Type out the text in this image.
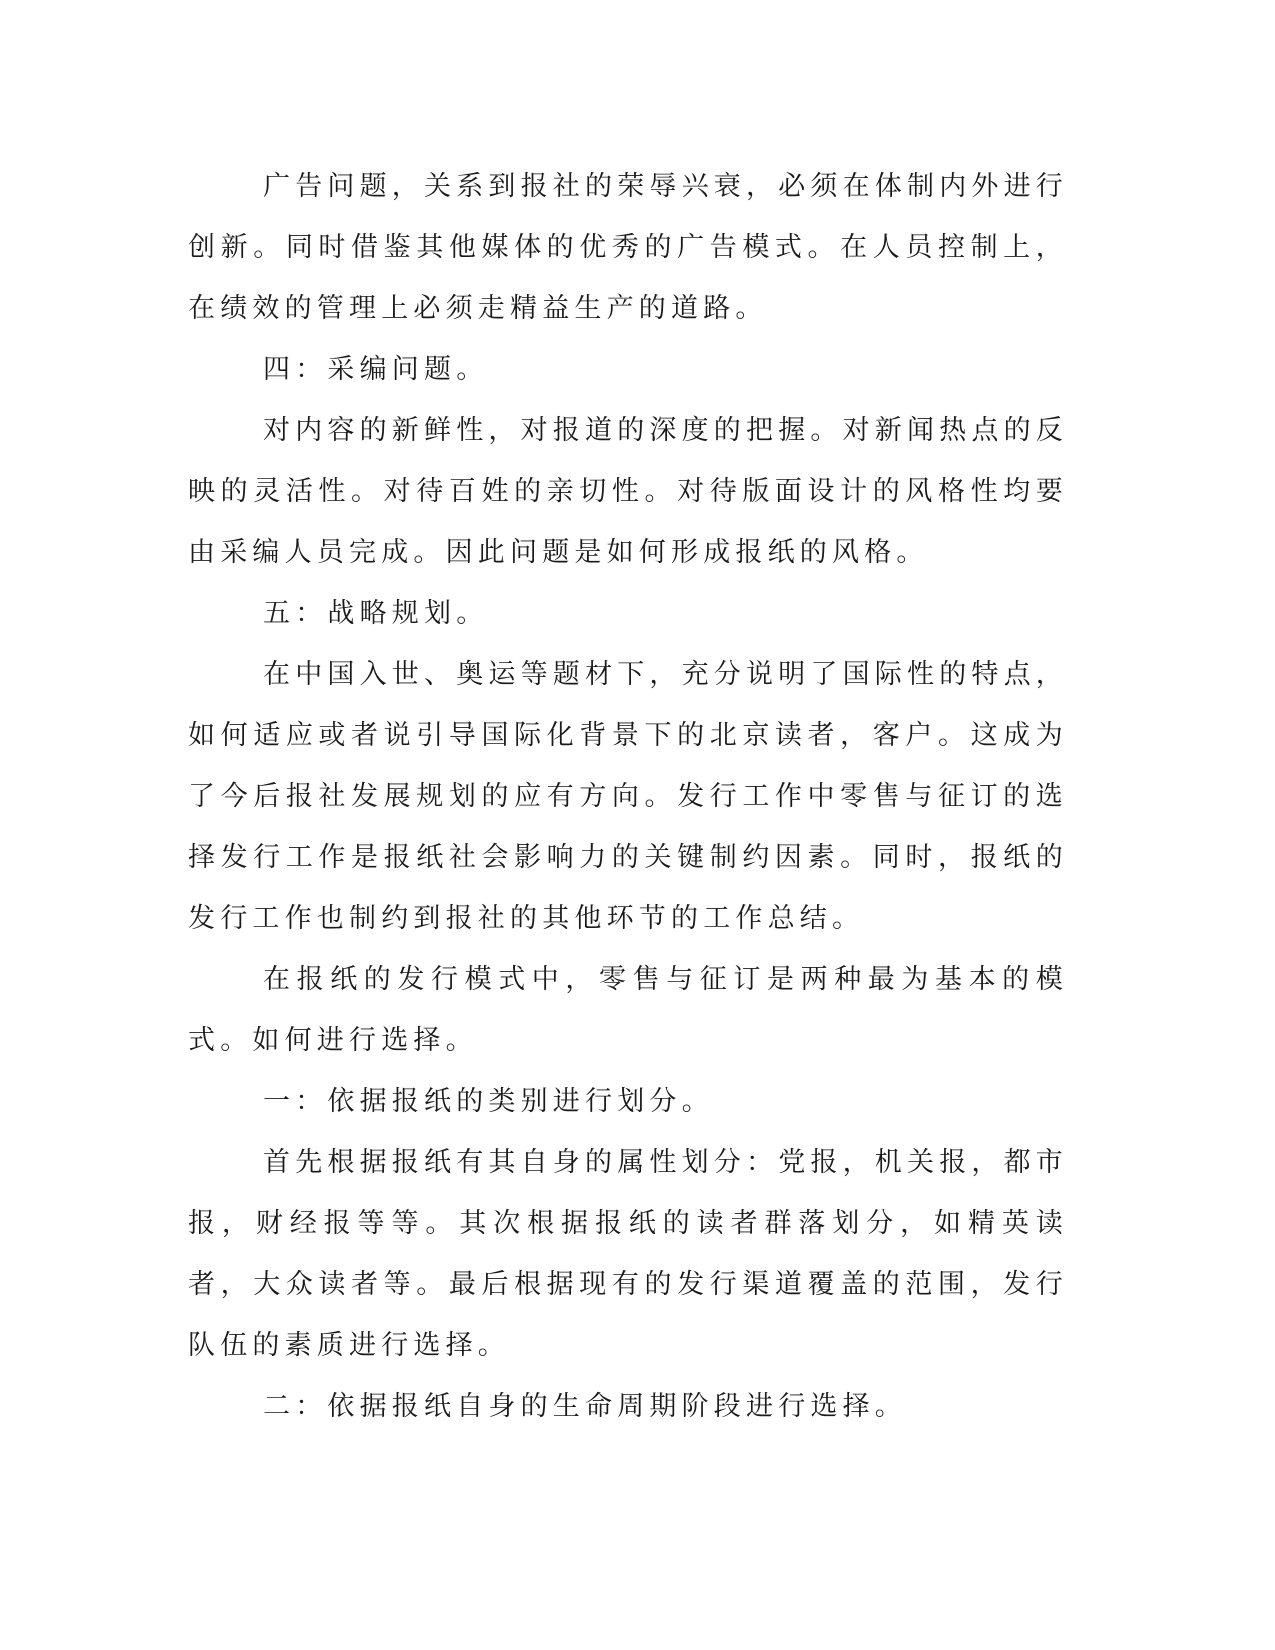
广告问题，关系到报社的荣辱兴衰，必须在体制内外进行创新。同时借鉴其他媒体的优秀的广告模式。在人员控制上，在绩效的管理上必须走精益生产的道路。

四：采编问题。

对内容的新鲜性，对报道的深度的把握。对新闻热点的反映的灵活性。对待百姓的亲切性。对待版面设计的风格性均要由采编人员完成。因此问题是如何形成报纸的风格。

五：战略规划。

在中国入世、奥运等题材下，充分说明了国际性的特点，如何适应或者说引导国际化背景下的北京读者，客户。这成为了今后报社发展规划的应有方向。发行工作中零售与征订的选择发行工作是报纸社会影响力的关键制约因素。同时，报纸的发行工作也制约到报社的其他环节的工作总结。

在报纸的发行模式中，零售与征订是两种最为基本的模式。如何进行选择。

一：依据报纸的类别进行划分。

首先根据报纸有其自身的属性划分：党报，机关报，都市报，财经报等等。其次根据报纸的读者群落划分，如精英读者，大众读者等。最后根据现有的发行渠道覆盖的范围，发行队伍的素质进行选择。

二：依据报纸自身的生命周期阶段进行选择。
